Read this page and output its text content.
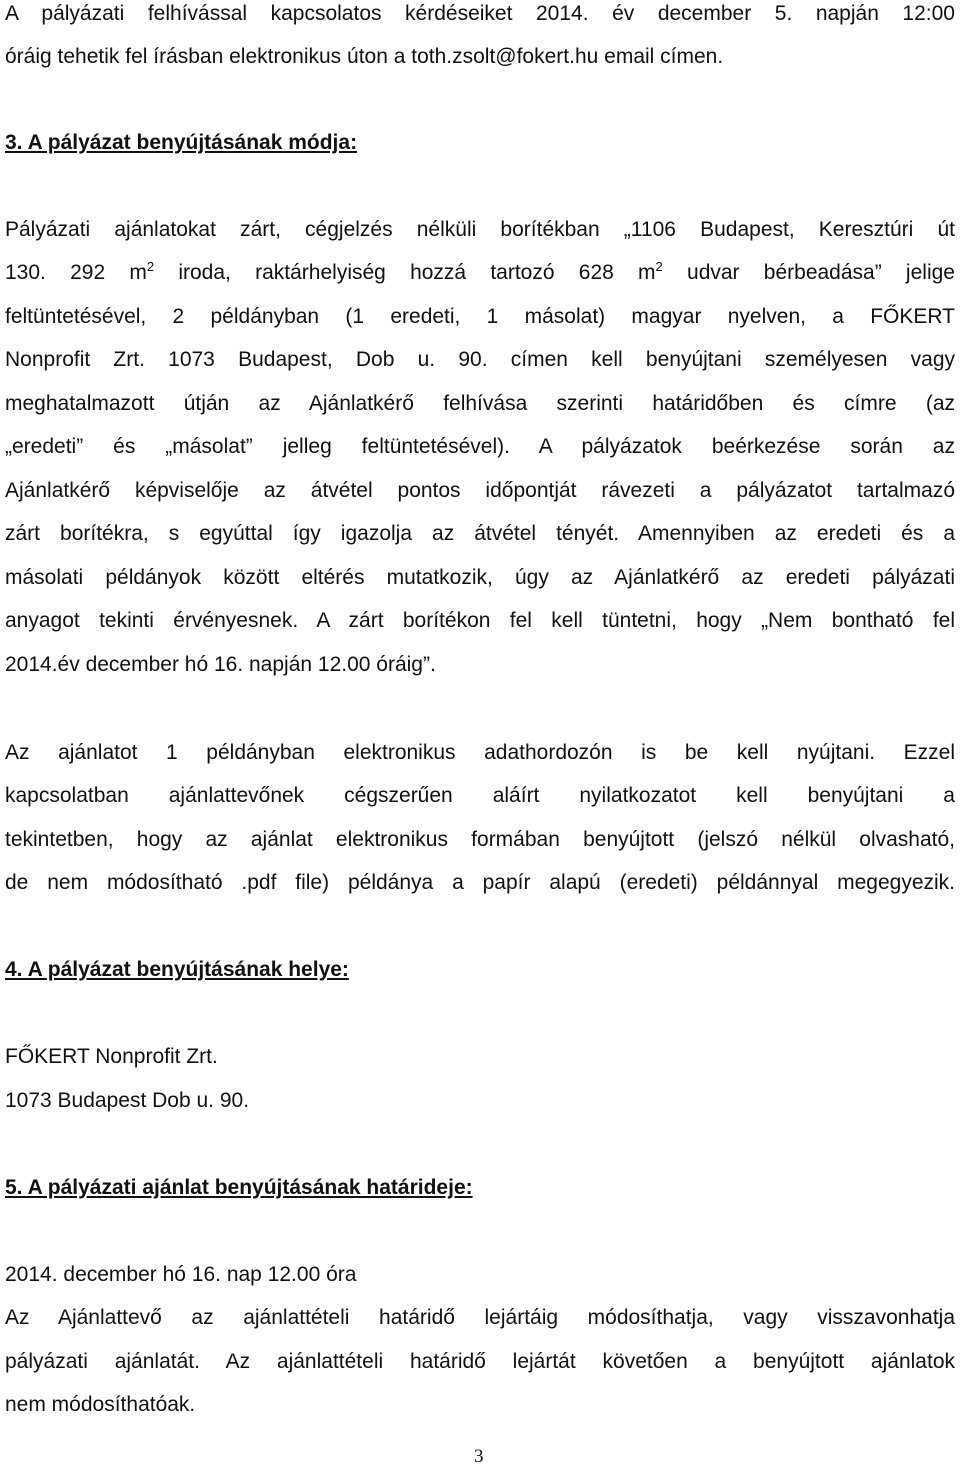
A pályázati felhívással kapcsolatos kérdéseiket 2014. év december 5. napján 12:00
óráig tehetik fel írásban elektronikus úton a toth.zsolt@fokert.hu email címen.
3. A pályázat benyújtásának módja:
Pályázati ajánlatokat zárt, cégjelzés nélküli borítékban „1106 Budapest, Keresztúri út
130. 292 $m^2$ iroda, raktárhelyiség hozzá tartozó 628 $m^2$ udvar bérbeadása” jelige
feltüntetésével, 2 példányban (1 eredeti, 1 másolat) magyar nyelven, a FŐKERT
Nonprofit Zrt. 1073 Budapest, Dob u. 90. címen kell benyújtani személyesen vagy
meghatalmazott útján az Ajánlatkérő felhívása szerinti határidőben és címre (az
„eredeti” és „másolat” jelleg feltüntetésével). A pályázatok beérkezése során az
Ajánlatkérő képviselője az átvétel pontos időpontját rávezeti a pályázatot tartalmazó
zárt borítékra, s egyúttal így igazolja az átvétel tényét. Amennyiben az eredeti és a
másolati példányok között eltérés mutatkozik, úgy az Ajánlatkérő az eredeti pályázati
anyagot tekinti érvényesnek. A zárt borítékon fel kell tüntetni, hogy „Nem bontható fel
2014.év december hó 16. napján 12.00 óráig”.
Az ajánlatot 1 példányban elektronikus adathordozón is be kell nyújtani. Ezzel
kapcsolatban ajánlattevőnek cégszerűen aláírt nyilatkozatot kell benyújtani a
tekintetben, hogy az ajánlat elektronikus formában benyújtott (jelszó nélkül olvasható,
de nem módosítható .pdf file) példánya a papír alapú (eredeti) példánnyal megegyezik.
4. A pályázat benyújtásának helye:
FŐKERT Nonprofit Zrt.
1073 Budapest Dob u. 90.
5. A pályázati ajánlat benyújtásának határideje:
2014. december hó 16. nap 12.00 óra
Az Ajánlattevő az ajánlattételi határidő lejártáig módosíthatja, vagy visszavonhatja
pályázati ajánlatát. Az ajánlattételi határidő lejártát követően a benyújtott ajánlatok
nem módosíthatóak.
3
